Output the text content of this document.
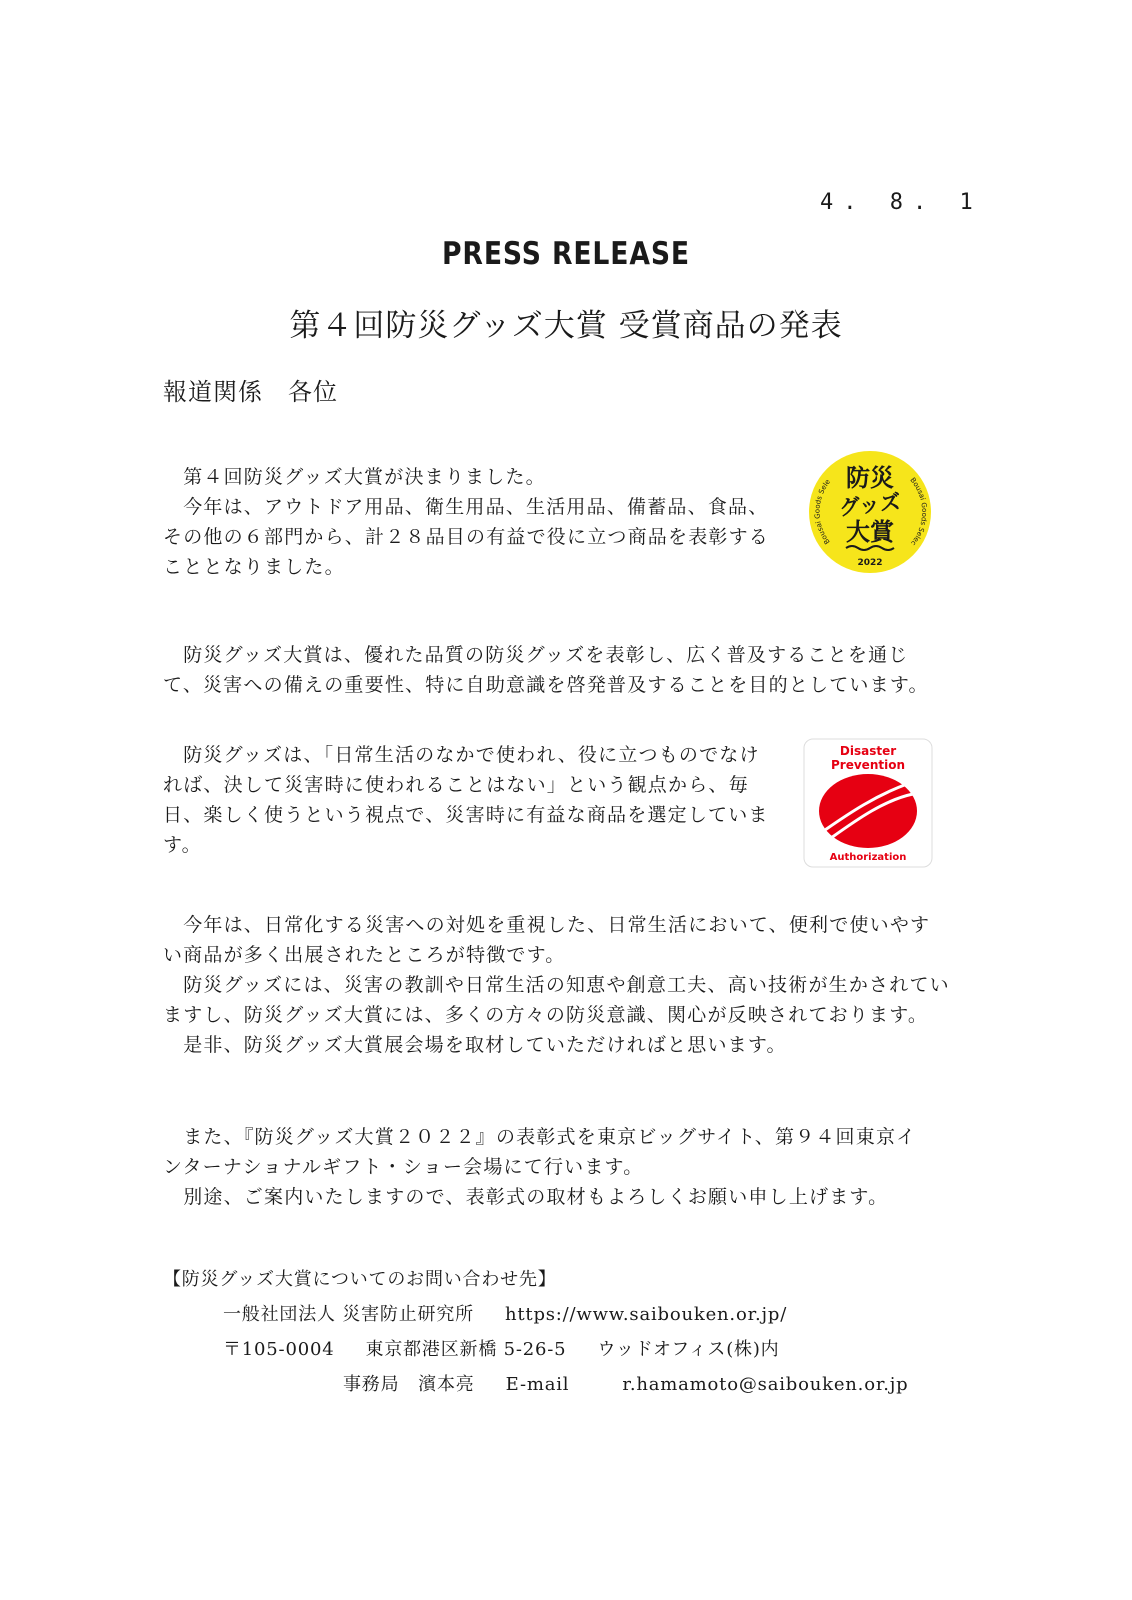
4. 8. 1
PRESS RELEASE
第４回防災グッズ大賞 受賞商品の発表
報道関係　各位

　第４回防災グッズ大賞が決まりました。

　今年は、アウトドア用品、衛生用品、生活用品、備蓄品、食品、

その他の６部門から、計２８品目の有益で役に立つ商品を表彰する

こととなりました。

防災
グッズ
大賞
2022
Bousai Goods Sele	Bousai Goods Selec

　防災グッズ大賞は、優れた品質の防災グッズを表彰し、広く普及することを通じ

て、災害への備えの重要性、特に自助意識を啓発普及することを目的としています。

　防災グッズは、「日常生活のなかで使われ、役に立つものでなけ

れば、決して災害時に使われることはない」という観点から、毎

日、楽しく使うという視点で、災害時に有益な商品を選定していま

す。

Disaster
Prevention
Authorization

　今年は、日常化する災害への対処を重視した、日常生活において、便利で使いやす

い商品が多く出展されたところが特徴です。

　防災グッズには、災害の教訓や日常生活の知恵や創意工夫、高い技術が生かされてい

ますし、防災グッズ大賞には、多くの方々の防災意識、関心が反映されております。

　是非、防災グッズ大賞展会場を取材していただければと思います。

　また、『防災グッズ大賞２０２２』の表彰式を東京ビッグサイト、第９４回東京イ

ンターナショナルギフト・ショー会場にて行います。

　別途、ご案内いたしますので、表彰式の取材もよろしくお願い申し上げます。

【防災グッズ大賞についてのお問い合わせ先】
一般社団法人 災害防止研究所 https://www.saibouken.or.jp/
〒105-0004 東京都港区新橋 5-26-5 ウッドオフィス(株)内
事務局　濱本亮 E-mail	r.hamamoto@saibouken.or.jp
